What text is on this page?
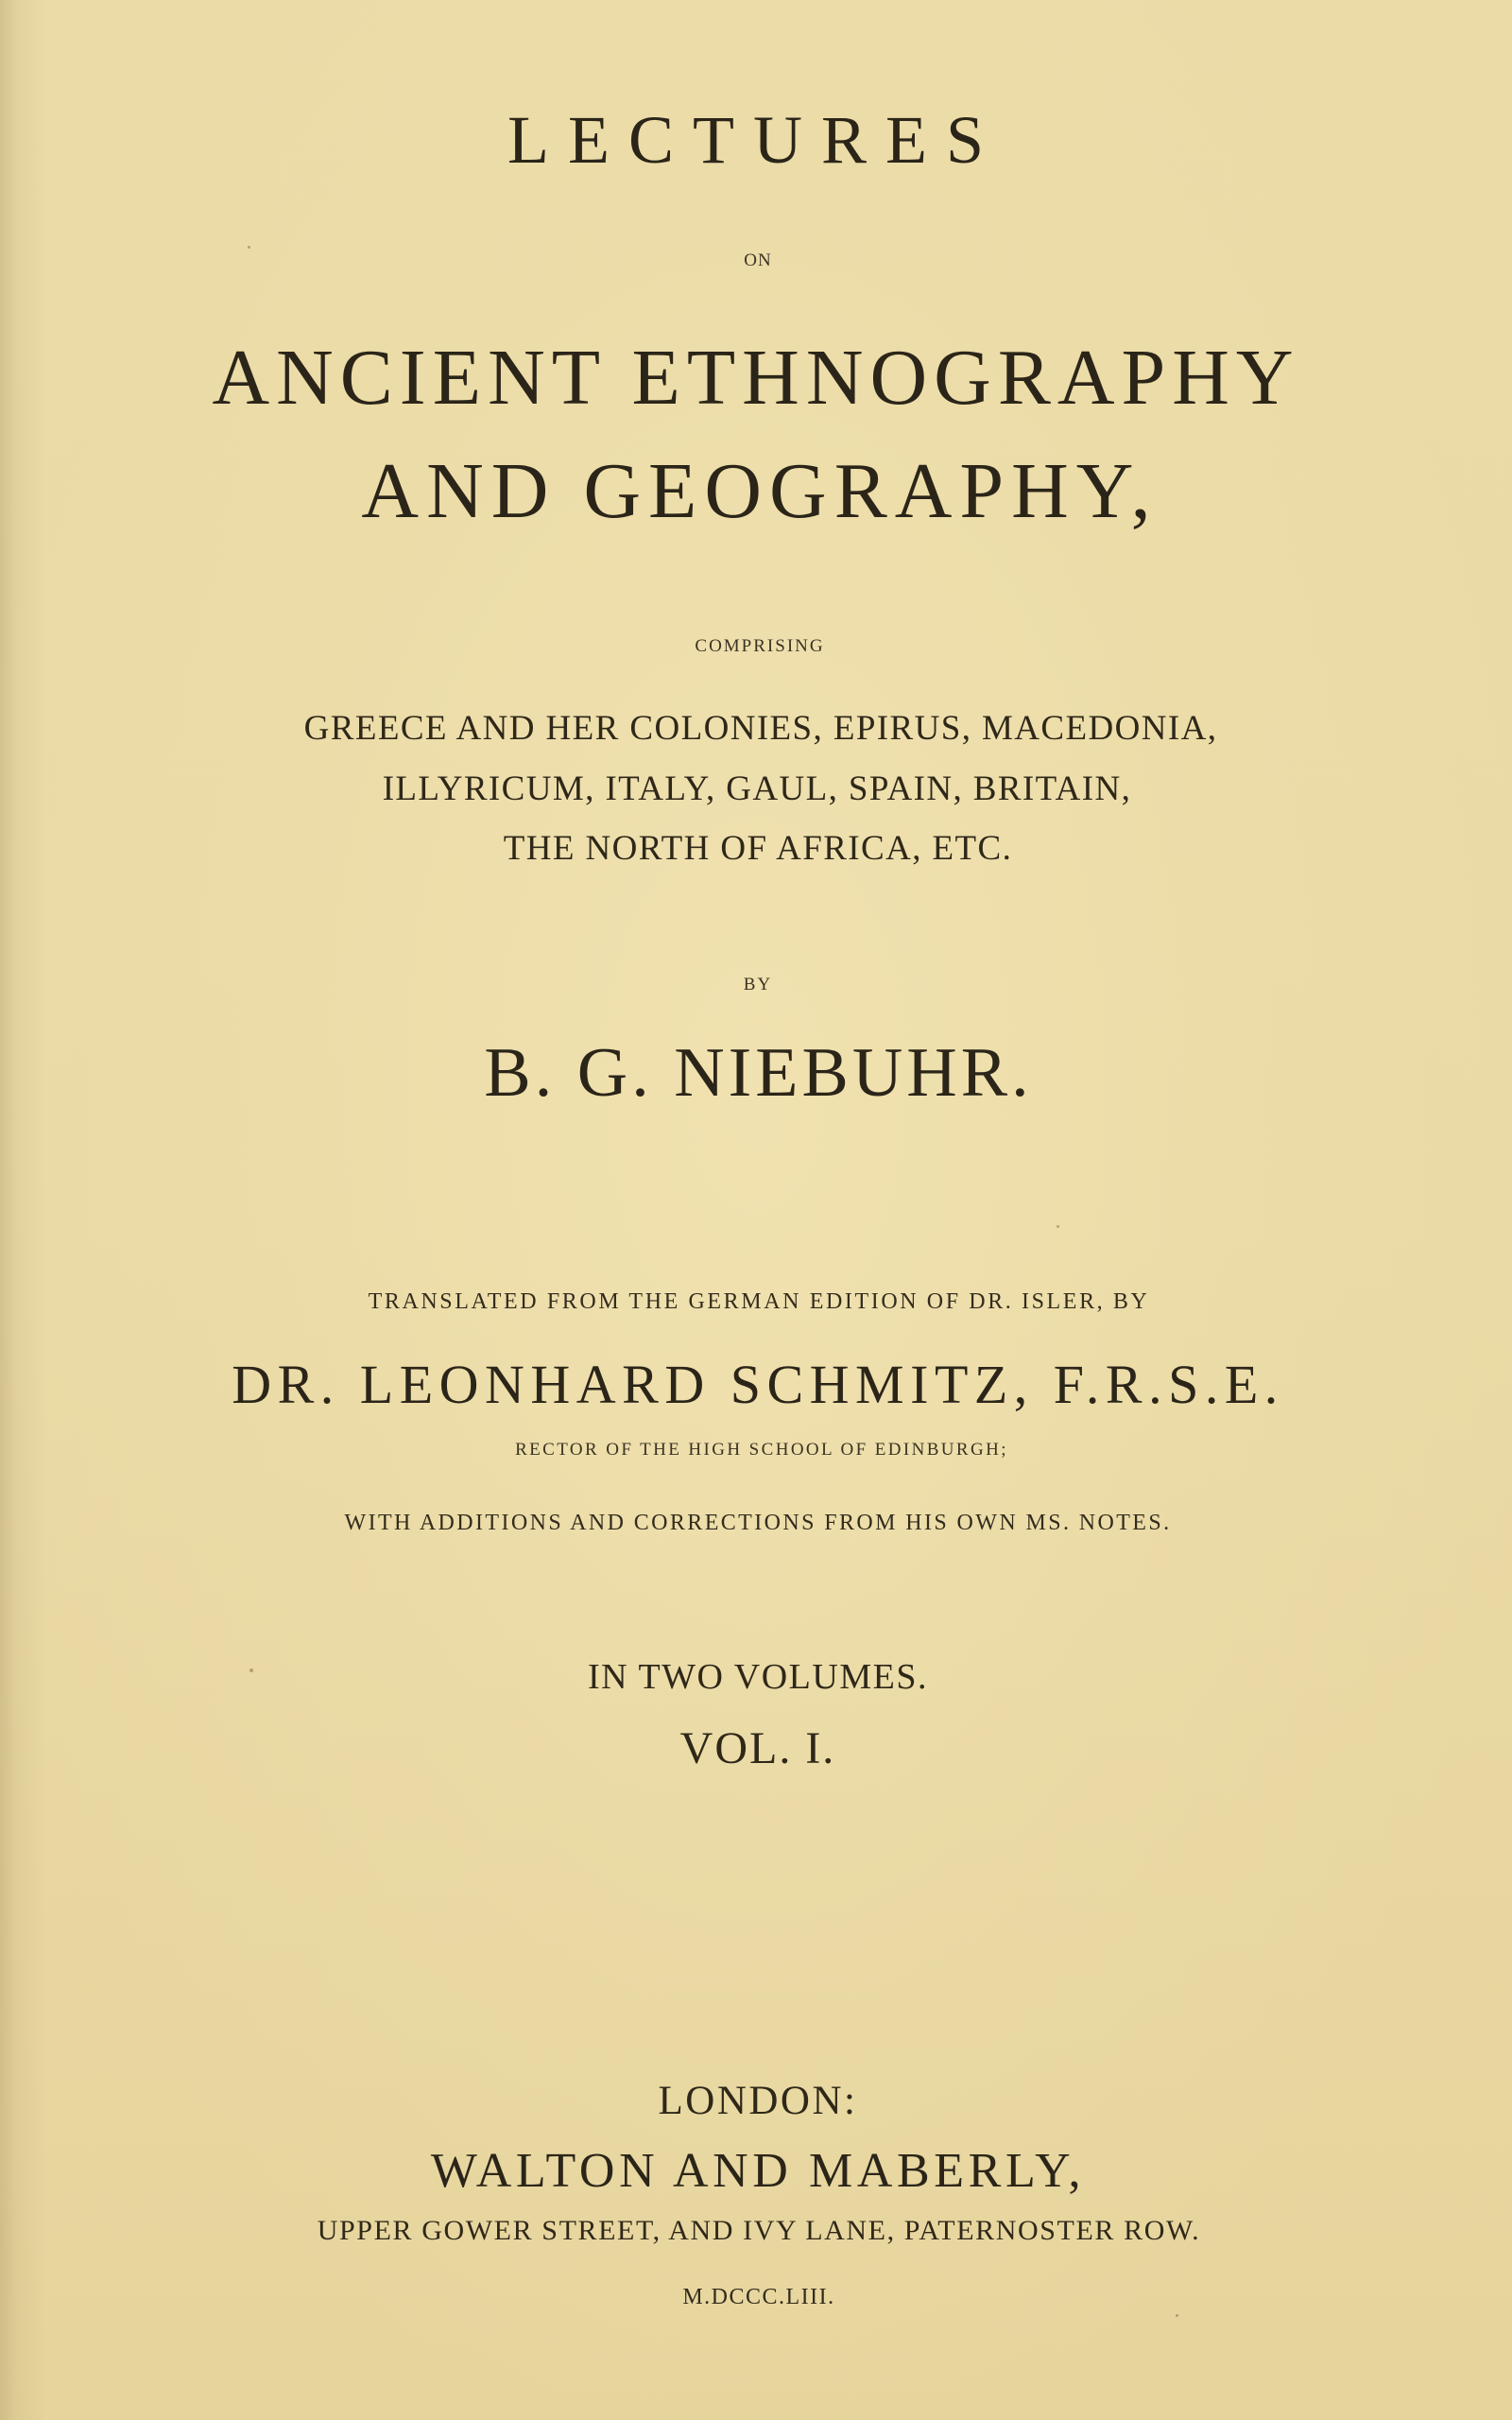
LECTURES
ON
ANCIENT ETHNOGRAPHY
AND GEOGRAPHY,
COMPRISING
GREECE AND HER COLONIES, EPIRUS, MACEDONIA,
ILLYRICUM, ITALY, GAUL, SPAIN, BRITAIN,
THE NORTH OF AFRICA, ETC.
BY
B. G. NIEBUHR.
TRANSLATED FROM THE GERMAN EDITION OF DR. ISLER, BY
DR. LEONHARD SCHMITZ, F.R.S.E.
RECTOR OF THE HIGH SCHOOL OF EDINBURGH;
WITH ADDITIONS AND CORRECTIONS FROM HIS OWN MS. NOTES.
IN TWO VOLUMES.
VOL. I.
LONDON:
WALTON AND MABERLY,
UPPER GOWER STREET, AND IVY LANE, PATERNOSTER ROW.
M.DCCC.LIII.
